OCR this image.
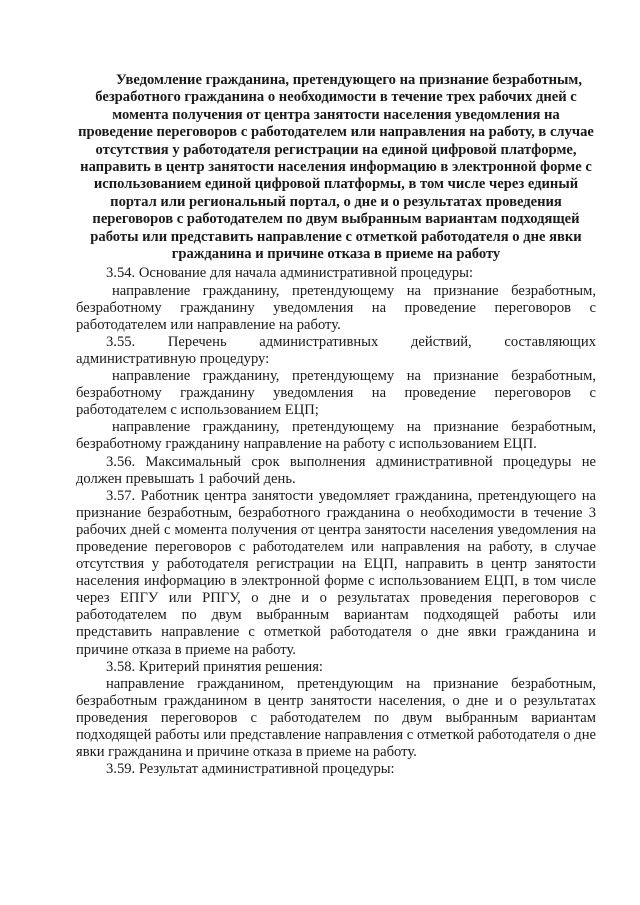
Уведомление гражданина, претендующего на признание безработным, безработного гражданина о необходимости в течение трех рабочих дней с момента получения от центра занятости населения уведомления на проведение переговоров с работодателем или направления на работу, в случае отсутствия у работодателя регистрации на единой цифровой платформе, направить в центр занятости населения информацию в электронной форме с использованием единой цифровой платформы, в том числе через единый портал или региональный портал, о дне и о результатах проведения переговоров с работодателем по двум выбранным вариантам подходящей работы или представить направление с отметкой работодателя о дне явки гражданина и причине отказа в приеме на работу

3.54. Основание для начала административной процедуры:

направление гражданину, претендующему на признание безработным, безработному гражданину уведомления на проведение переговоров с работодателем или направление на работу.

3.55. Перечень административных действий, составляющих административную процедуру:

направление гражданину, претендующему на признание безработным, безработному гражданину уведомления на проведение переговоров с работодателем с использованием ЕЦП;

направление гражданину, претендующему на признание безработным, безработному гражданину направление на работу с использованием ЕЦП.

3.56. Максимальный срок выполнения административной процедуры не должен превышать 1 рабочий день.

3.57. Работник центра занятости уведомляет гражданина, претендующего на признание безработным, безработного гражданина о необходимости в течение 3 рабочих дней с момента получения от центра занятости населения уведомления на проведение переговоров с работодателем или направления на работу, в случае отсутствия у работодателя регистрации на ЕЦП, направить в центр занятости населения информацию в электронной форме с использованием ЕЦП, в том числе через ЕПГУ или РПГУ, о дне и о результатах проведения переговоров с работодателем по двум выбранным вариантам подходящей работы или представить направление с отметкой работодателя о дне явки гражданина и причине отказа в приеме на работу.

3.58. Критерий принятия решения:

направление гражданином, претендующим на признание безработным, безработным гражданином в центр занятости населения, о дне и о результатах проведения переговоров с работодателем по двум выбранным вариантам подходящей работы или представление направления с отметкой работодателя о дне явки гражданина и причине отказа в приеме на работу.

3.59. Результат административной процедуры:
